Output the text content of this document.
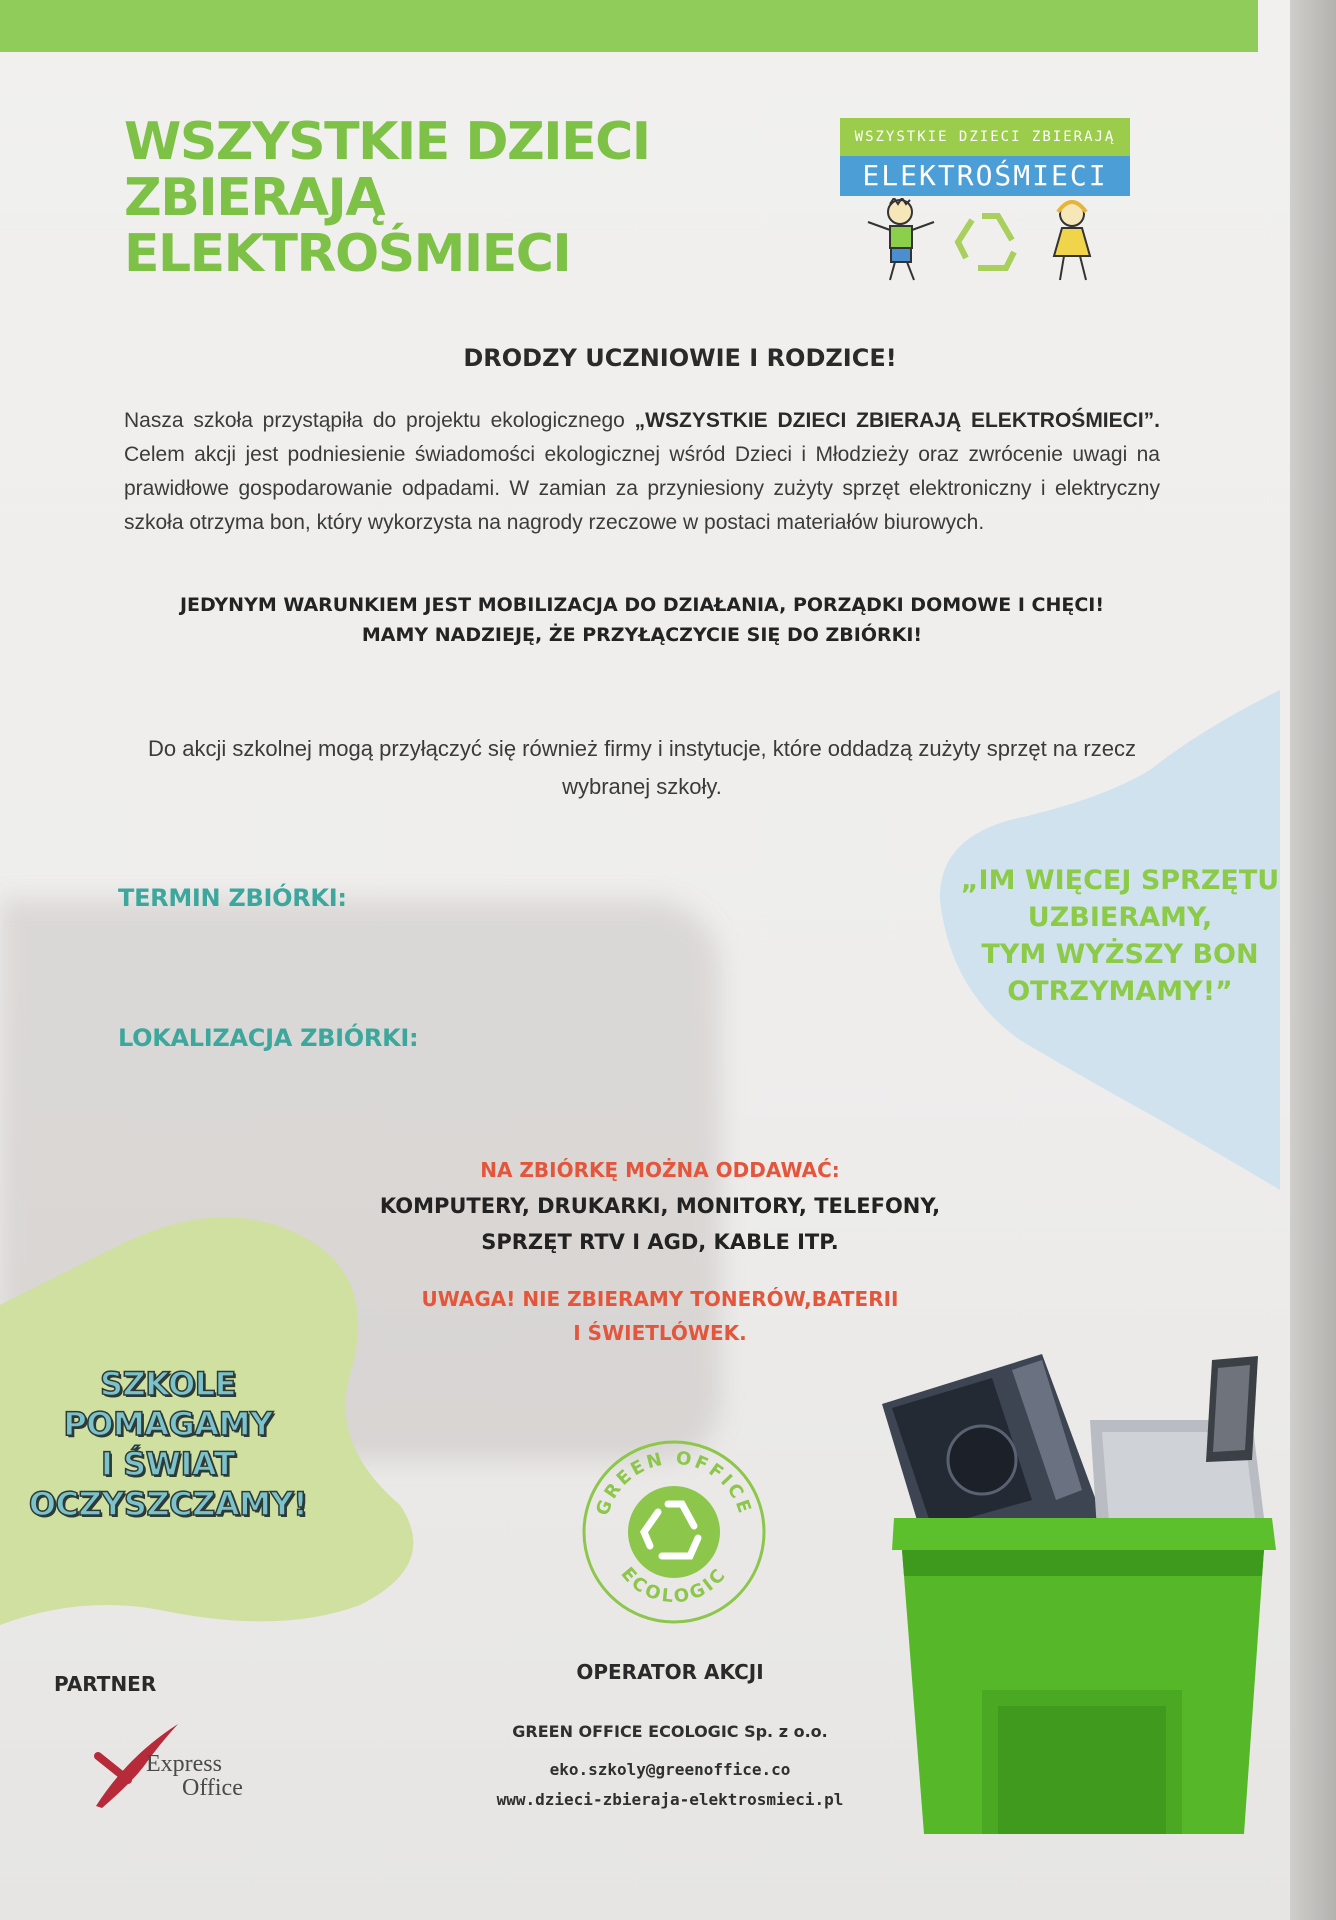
WSZYSTKIE DZIECI
ZBIERAJĄ
ELEKTROŚMIECI
WSZYSTKIE DZIECI ZBIERAJĄ
ELEKTROŚMIECI
DRODZY UCZNIOWIE I RODZICE!

Nasza szkoła przystąpiła do projektu ekologicznego „WSZYSTKIE DZIECI ZBIERAJĄ ELEKTROŚMIECI”. Celem akcji jest podniesienie świadomości ekologicznej wśród Dzieci i Młodzieży oraz zwrócenie uwagi na prawidłowe gospodarowanie odpadami. W zamian za przyniesiony zużyty sprzęt elektroniczny i elektryczny szkoła otrzyma bon, który wykorzysta na nagrody rzeczowe w postaci materiałów biurowych.

JEDYNYM WARUNKIEM JEST MOBILIZACJA DO DZIAŁANIA, PORZĄDKI DOMOWE I CHĘCI!
MAMY NADZIEJĘ, ŻE PRZYŁĄCZYCIE SIĘ DO ZBIÓRKI!

Do akcji szkolnej mogą przyłączyć się również firmy i instytucje, które oddadzą zużyty sprzęt na rzecz wybranej szkoły.

„IM WIĘCEJ SPRZĘTU
UZBIERAMY,
TYM WYŻSZY BON
OTRZYMAMY!”
TERMIN ZBIÓRKI:
LOKALIZACJA ZBIÓRKI:
NA ZBIÓRKĘ MOŻNA ODDAWAĆ:
KOMPUTERY, DRUKARKI, MONITORY, TELEFONY,
SPRZĘT RTV I AGD, KABLE ITP.
UWAGA! NIE ZBIERAMY TONERÓW,BATERII
I ŚWIETLÓWEK.
SZKOLE
POMAGAMY
I ŚWIAT
OCZYSZCZAMY!	GREEN OFFICE
ECOLOGIC
OPERATOR AKCJI
GREEN OFFICE ECOLOGIC Sp. z o.o.
eko.szkoly@greenoffice.co
www.dzieci-zbieraja-elektrosmieci.pl
PARTNER
Express
Office
